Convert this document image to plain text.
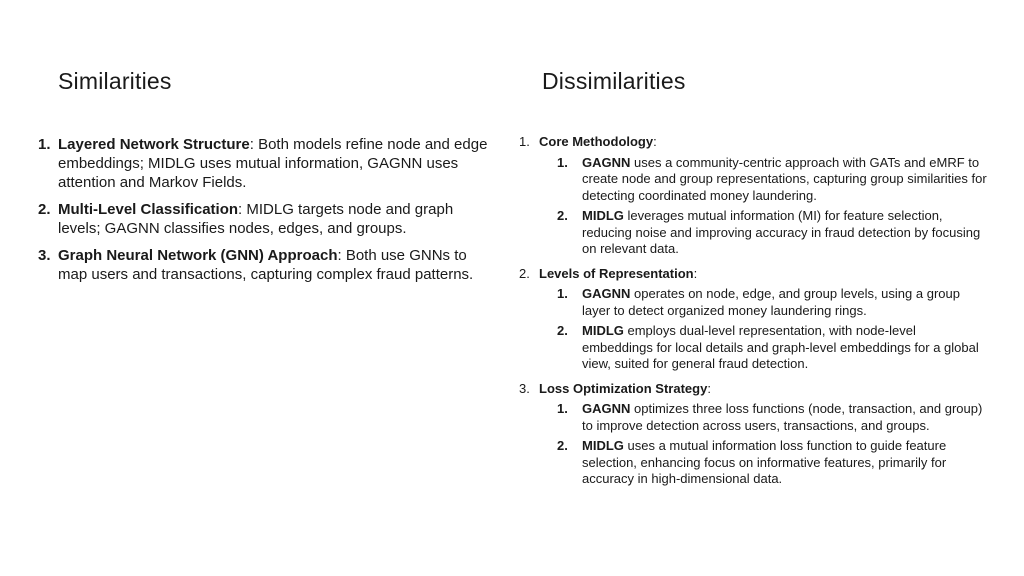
Similarities	Dissimilarities
1. Layered Network Structure: Both models refine node and edge embeddings; MIDLG uses mutual information, GAGNN uses attention and Markov Fields.
2. Multi-Level Classification: MIDLG targets node and graph levels; GAGNN classifies nodes, edges, and groups.
3. Graph Neural Network (GNN) Approach: Both use GNNs to map users and transactions, capturing complex fraud patterns.
1. Core Methodology:
1.	GAGNN uses a community-centric approach with GATs and eMRF to create node and group representations, capturing group similarities for detecting coordinated money laundering.
2.	MIDLG leverages mutual information (MI) for feature selection, reducing noise and improving accuracy in fraud detection by focusing on relevant data.
2. Levels of Representation:
1.	GAGNN operates on node, edge, and group levels, using a group layer to detect organized money laundering rings.
2.	MIDLG employs dual-level representation, with node-level embeddings for local details and graph-level embeddings for a global view, suited for general fraud detection.
3. Loss Optimization Strategy:
1.	GAGNN optimizes three loss functions (node, transaction, and group) to improve detection across users, transactions, and groups.
2.	MIDLG uses a mutual information loss function to guide feature selection, enhancing focus on informative features, primarily for accuracy in high-dimensional data.
